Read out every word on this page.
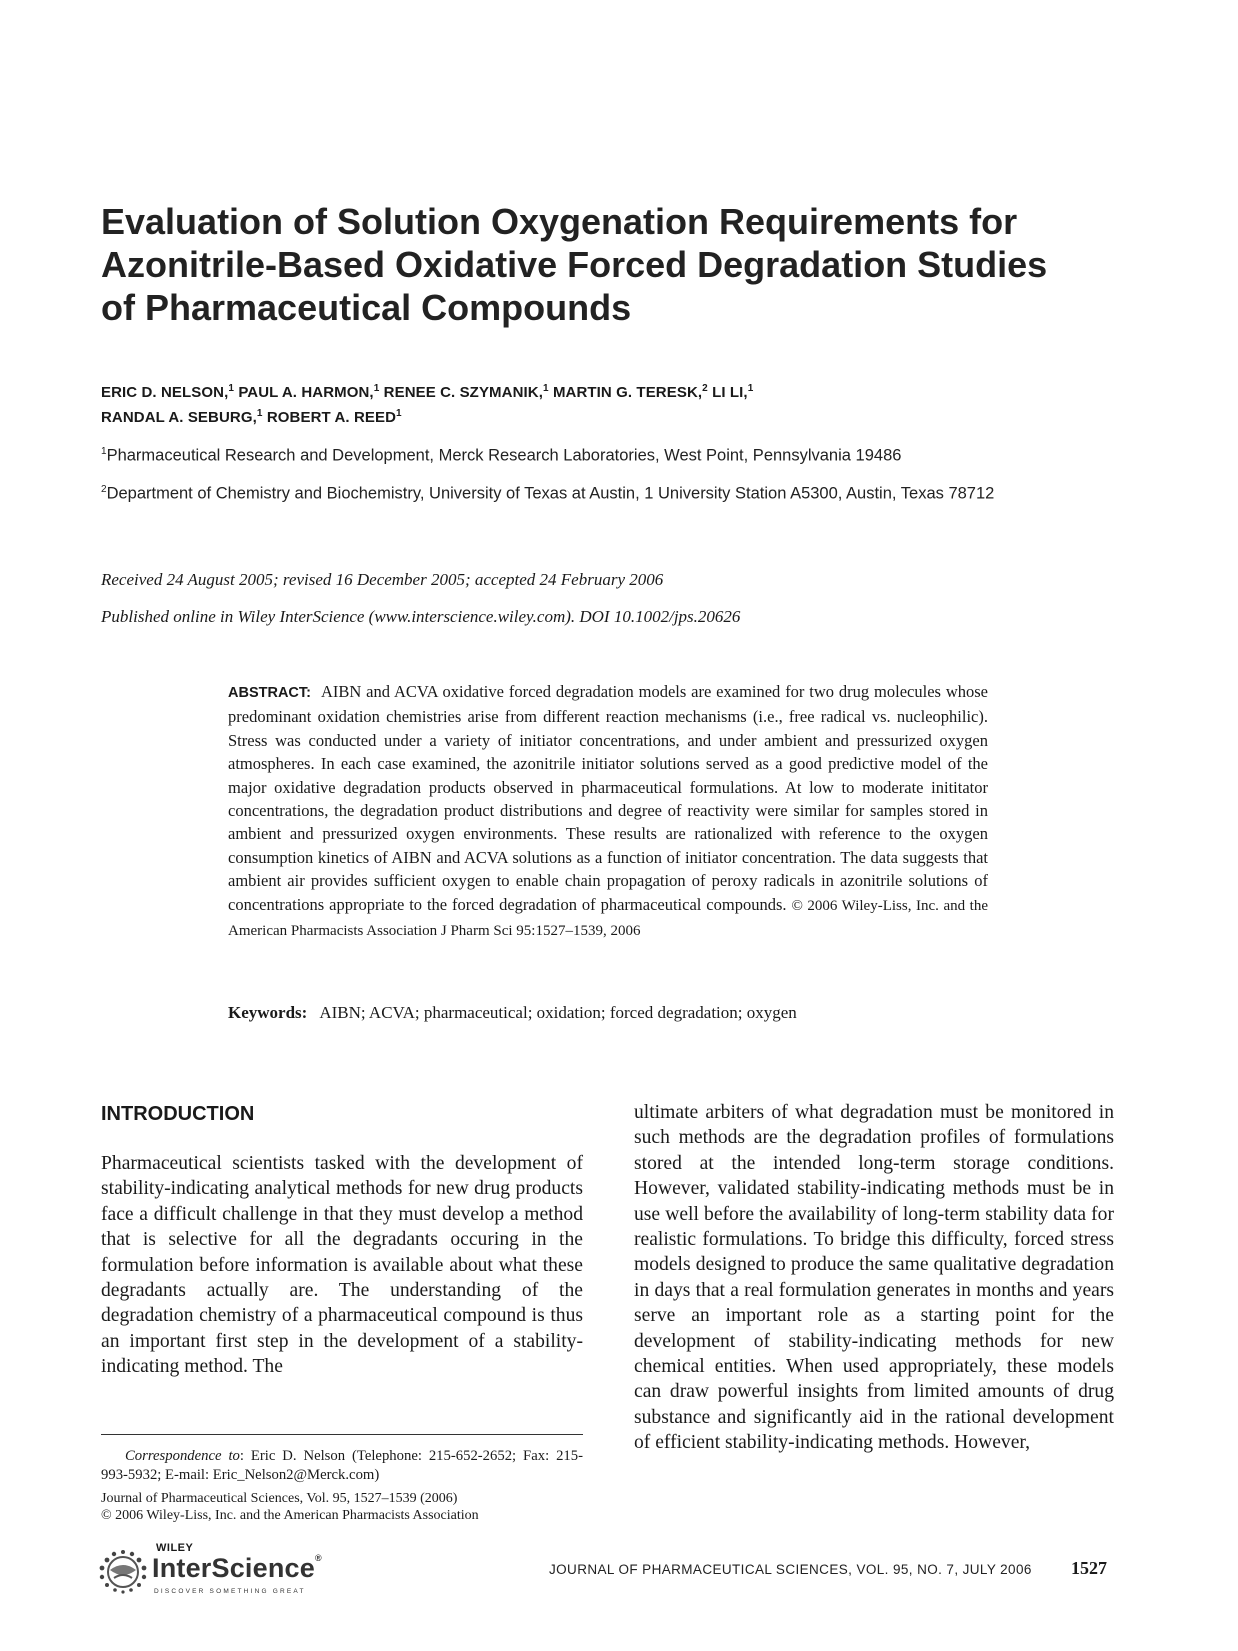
Evaluation of Solution Oxygenation Requirements for Azonitrile-Based Oxidative Forced Degradation Studies of Pharmaceutical Compounds
ERIC D. NELSON,$^1$ PAUL A. HARMON,$^1$ RENEE C. SZYMANIK,$^1$ MARTIN G. TERESK,$^2$ LI LI,$^1$
RANDAL A. SEBURG,$^1$ ROBERT A. REED$^1$
$^1$Pharmaceutical Research and Development, Merck Research Laboratories, West Point, Pennsylvania 19486
$^2$Department of Chemistry and Biochemistry, University of Texas at Austin, 1 University Station A5300, Austin, Texas 78712
Received 24 August 2005; revised 16 December 2005; accepted 24 February 2006
Published online in Wiley InterScience (www.interscience.wiley.com). DOI 10.1002/jps.20626
ABSTRACT: AIBN and ACVA oxidative forced degradation models are examined for two drug molecules whose predominant oxidation chemistries arise from different reaction mechanisms (i.e., free radical vs. nucleophilic). Stress was conducted under a variety of initiator concentrations, and under ambient and pressurized oxygen atmospheres. In each case examined, the azonitrile initiator solutions served as a good predictive model of the major oxidative degradation products observed in pharmaceutical formulations. At low to moderate inititator concentrations, the degradation product distributions and degree of reactivity were similar for samples stored in ambient and pressurized oxygen environments. These results are rationalized with reference to the oxygen consumption kinetics of AIBN and ACVA solutions as a function of initiator concentration. The data suggests that ambient air provides sufficient oxygen to enable chain propagation of peroxy radicals in azonitrile solutions of concentrations appropriate to the forced degradation of pharmaceutical compounds. © 2006 Wiley-Liss, Inc. and the American Pharmacists Association J Pharm Sci 95:1527–1539, 2006
Keywords: AIBN; ACVA; pharmaceutical; oxidation; forced degradation; oxygen
INTRODUCTION
Pharmaceutical scientists tasked with the development of stability-indicating analytical methods for new drug products face a difficult challenge in that they must develop a method that is selective for all the degradants occuring in the formulation before information is available about what these degradants actually are. The understanding of the degradation chemistry of a pharmaceutical compound is thus an important first step in the development of a stability-indicating method. The
ultimate arbiters of what degradation must be monitored in such methods are the degradation profiles of formulations stored at the intended long-term storage conditions. However, validated stability-indicating methods must be in use well before the availability of long-term stability data for realistic formulations. To bridge this difficulty, forced stress models designed to produce the same qualitative degradation in days that a real formulation generates in months and years serve an important role as a starting point for the development of stability-indicating methods for new chemical entities. When used appropriately, these models can draw powerful insights from limited amounts of drug substance and significantly aid in the rational development of efficient stability-indicating methods. However,
Correspondence to: Eric D. Nelson (Telephone: 215-652-2652; Fax: 215-993-5932; E-mail: Eric_Nelson2@Merck.com)
Journal of Pharmaceutical Sciences, Vol. 95, 1527–1539 (2006)
© 2006 Wiley-Liss, Inc. and the American Pharmacists Association
WILEY
InterScience®
DISCOVER SOMETHING GREAT
JOURNAL OF PHARMACEUTICAL SCIENCES, VOL. 95, NO. 7, JULY 2006 1527
